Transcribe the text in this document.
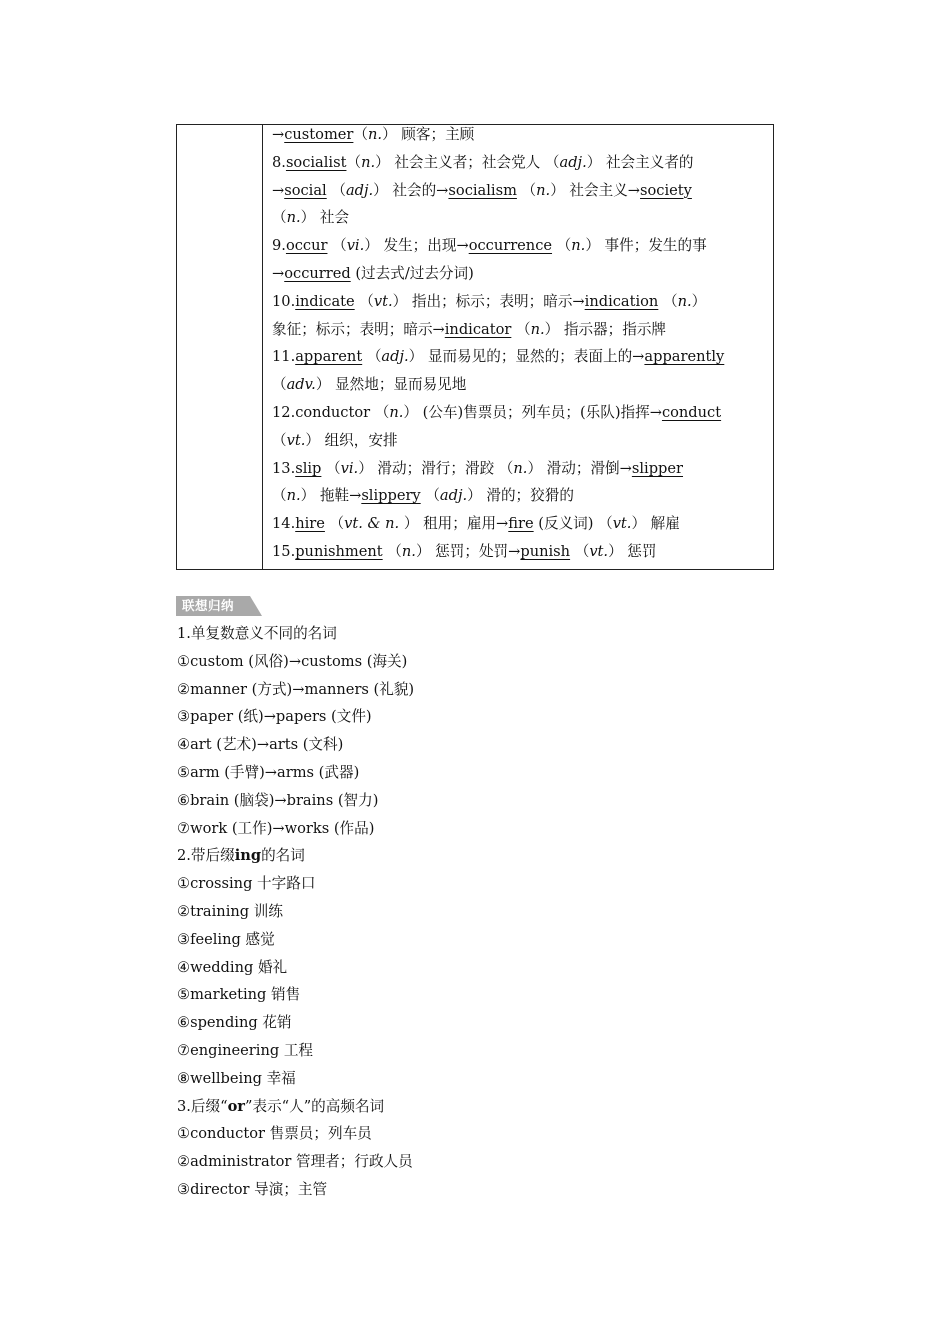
→customer（n.） 顾客；主顾
8.socialist（n.） 社会主义者；社会党人 （adj.） 社会主义者的
→social （adj.） 社会的→socialism （n.） 社会主义→society
（n.） 社会
9.occur （vi.） 发生；出现→occurrence （n.） 事件；发生的事
→occurred (过去式/过去分词)
10.indicate （vt.） 指出；标示；表明；暗示→indication （n.）
象征；标示；表明；暗示→indicator （n.） 指示器；指示牌
11.apparent （adj.） 显而易见的；显然的；表面上的→apparently
（adv.） 显然地；显而易见地
12.conductor （n.） (公车)售票员；列车员；(乐队)指挥→conduct
（vt.） 组织，安排
13.slip （vi.） 滑动；滑行；滑跤 （n.） 滑动；滑倒→slipper
（n.） 拖鞋→slippery （adj.） 滑的；狡猾的
14.hire （vt. & n. ） 租用；雇用→fire (反义词) （vt.） 解雇
15.punishment （n.） 惩罚；处罚→punish （vt.） 惩罚
联想归纳
1.单复数意义不同的名词
①custom (风俗)→customs (海关)
②manner (方式)→manners (礼貌)
③paper (纸)→papers (文件)
④art (艺术)→arts (文科)
⑤arm (手臂)→arms (武器)
⑥brain (脑袋)→brains (智力)
⑦work (工作)→works (作品)
2.带后缀ing的名词
①crossing 十字路口
②training 训练
③feeling 感觉
④wedding 婚礼
⑤marketing 销售
⑥spending 花销
⑦engineering 工程
⑧wellbeing 幸福
3.后缀“or”表示“人”的高频名词
①conductor 售票员；列车员
②administrator 管理者；行政人员
③director 导演；主管
